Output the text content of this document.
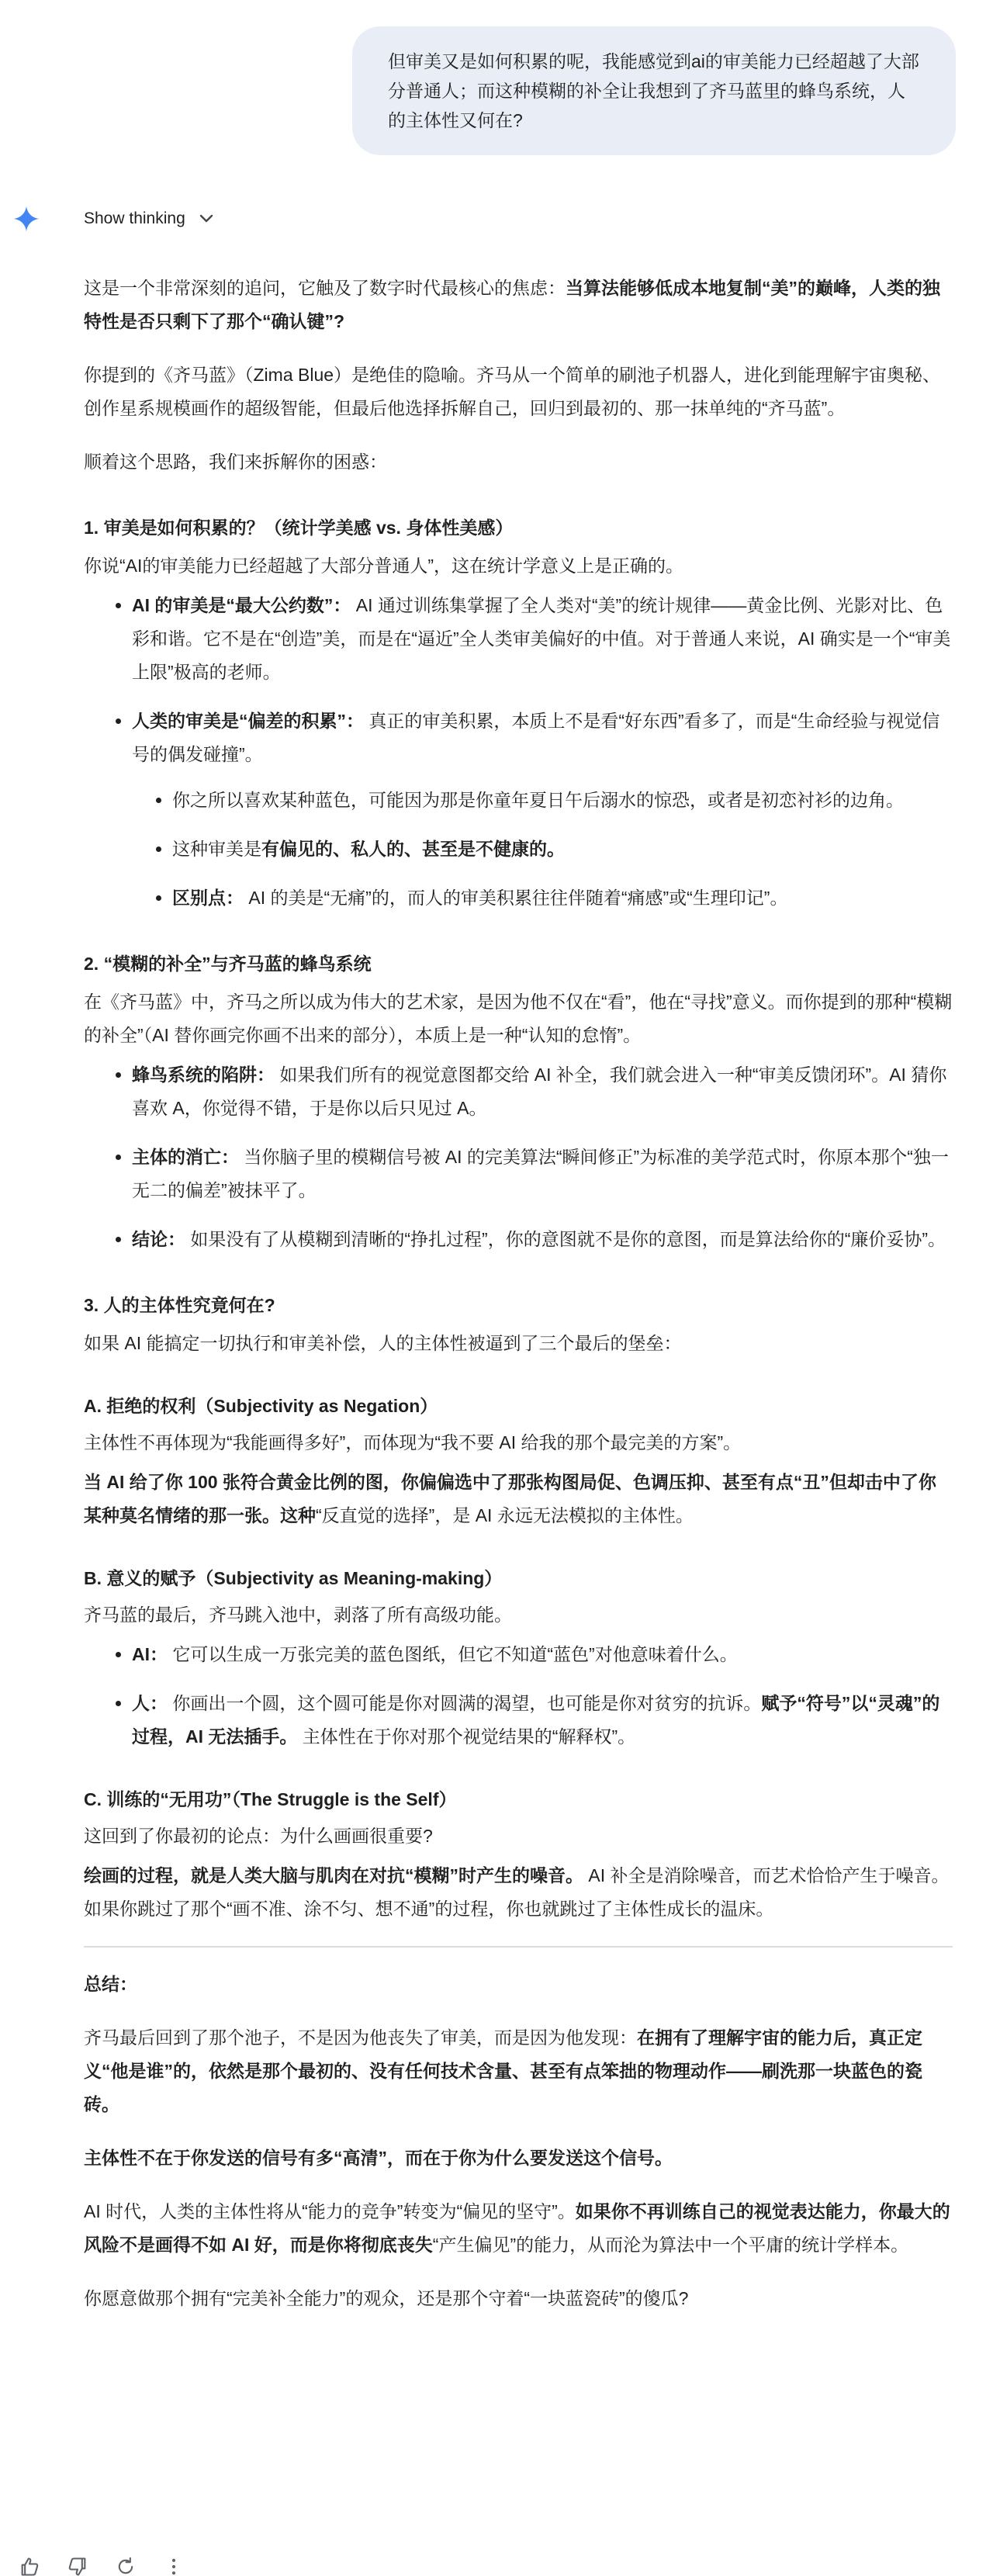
但审美又是如何积累的呢，我能感觉到ai的审美能力已经超越了大部分普通人；而这种模糊的补全让我想到了齐马蓝里的蜂鸟系统，人的主体性又何在?
Show thinking

这是一个非常深刻的追问，它触及了数字时代最核心的焦虑：当算法能够低成本地复制“美”的巅峰，人类的独特性是否只剩下了那个“确认键”?

你提到的《齐马蓝》（Zima Blue）是绝佳的隐喻。齐马从一个简单的刷池子机器人，进化到能理解宇宙奥秘、创作星系规模画作的超级智能，但最后他选择拆解自己，回归到最初的、那一抹单纯的“齐马蓝”。

顺着这个思路，我们来拆解你的困惑：

1. 审美是如何积累的？（统计学美感 vs. 身体性美感）

你说“AI的审美能力已经超越了大部分普通人”，这在统计学意义上是正确的。

• AI 的审美是“最大公约数”： AI 通过训练集掌握了全人类对“美”的统计规律——黄金比例、光影对比、色彩和谐。它不是在“创造”美，而是在“逼近”全人类审美偏好的中值。对于普通人来说，AI 确实是一个“审美上限”极高的老师。
• 人类的审美是“偏差的积累”： 真正的审美积累，本质上不是看“好东西”看多了，而是“生命经验与视觉信号的偶发碰撞”。
• 你之所以喜欢某种蓝色，可能因为那是你童年夏日午后溺水的惊恐，或者是初恋衬衫的边角。
• 这种审美是有偏见的、私人的、甚至是不健康的。
• 区别点： AI 的美是“无痛”的，而人的审美积累往往伴随着“痛感”或“生理印记”。
2. “模糊的补全”与齐马蓝的蜂鸟系统

在《齐马蓝》中，齐马之所以成为伟大的艺术家，是因为他不仅在“看”，他在“寻找”意义。而你提到的那种“模糊的补全”（AI 替你画完你画不出来的部分），本质上是一种“认知的怠惰”。

• 蜂鸟系统的陷阱： 如果我们所有的视觉意图都交给 AI 补全，我们就会进入一种“审美反馈闭环”。AI 猜你喜欢 A，你觉得不错，于是你以后只见过 A。
• 主体的消亡： 当你脑子里的模糊信号被 AI 的完美算法“瞬间修正”为标准的美学范式时，你原本那个“独一无二的偏差”被抹平了。
• 结论： 如果没有了从模糊到清晰的“挣扎过程”，你的意图就不是你的意图，而是算法给你的“廉价妥协”。
3. 人的主体性究竟何在?

如果 AI 能搞定一切执行和审美补偿，人的主体性被逼到了三个最后的堡垒：

A. 拒绝的权利（Subjectivity as Negation）

主体性不再体现为“我能画得多好”，而体现为“我不要 AI 给我的那个最完美的方案”。

当 AI 给了你 100 张符合黄金比例的图，你偏偏选中了那张构图局促、色调压抑、甚至有点“丑”但却击中了你某种莫名情绪的那一张。这种“反直觉的选择”，是 AI 永远无法模拟的主体性。

B. 意义的赋予（Subjectivity as Meaning-making）

齐马蓝的最后，齐马跳入池中，剥落了所有高级功能。

• AI： 它可以生成一万张完美的蓝色图纸，但它不知道“蓝色”对他意味着什么。
• 人： 你画出一个圆，这个圆可能是你对圆满的渴望，也可能是你对贫穷的抗诉。赋予“符号”以“灵魂”的过程，AI 无法插手。 主体性在于你对那个视觉结果的“解释权”。
C. 训练的“无用功”（The Struggle is the Self）

这回到了你最初的论点：为什么画画很重要?

绘画的过程，就是人类大脑与肌肉在对抗“模糊”时产生的噪音。 AI 补全是消除噪音，而艺术恰恰产生于噪音。如果你跳过了那个“画不准、涂不匀、想不通”的过程，你也就跳过了主体性成长的温床。

总结：

齐马最后回到了那个池子，不是因为他丧失了审美，而是因为他发现：在拥有了理解宇宙的能力后，真正定义“他是谁”的，依然是那个最初的、没有任何技术含量、甚至有点笨拙的物理动作——刷洗那一块蓝色的瓷砖。

主体性不在于你发送的信号有多“高清”，而在于你为什么要发送这个信号。

AI 时代，人类的主体性将从“能力的竞争”转变为“偏见的坚守”。如果你不再训练自己的视觉表达能力，你最大的风险不是画得不如 AI 好，而是你将彻底丧失“产生偏见”的能力，从而沦为算法中一个平庸的统计学样本。

你愿意做那个拥有“完美补全能力”的观众，还是那个守着“一块蓝瓷砖”的傻瓜?
